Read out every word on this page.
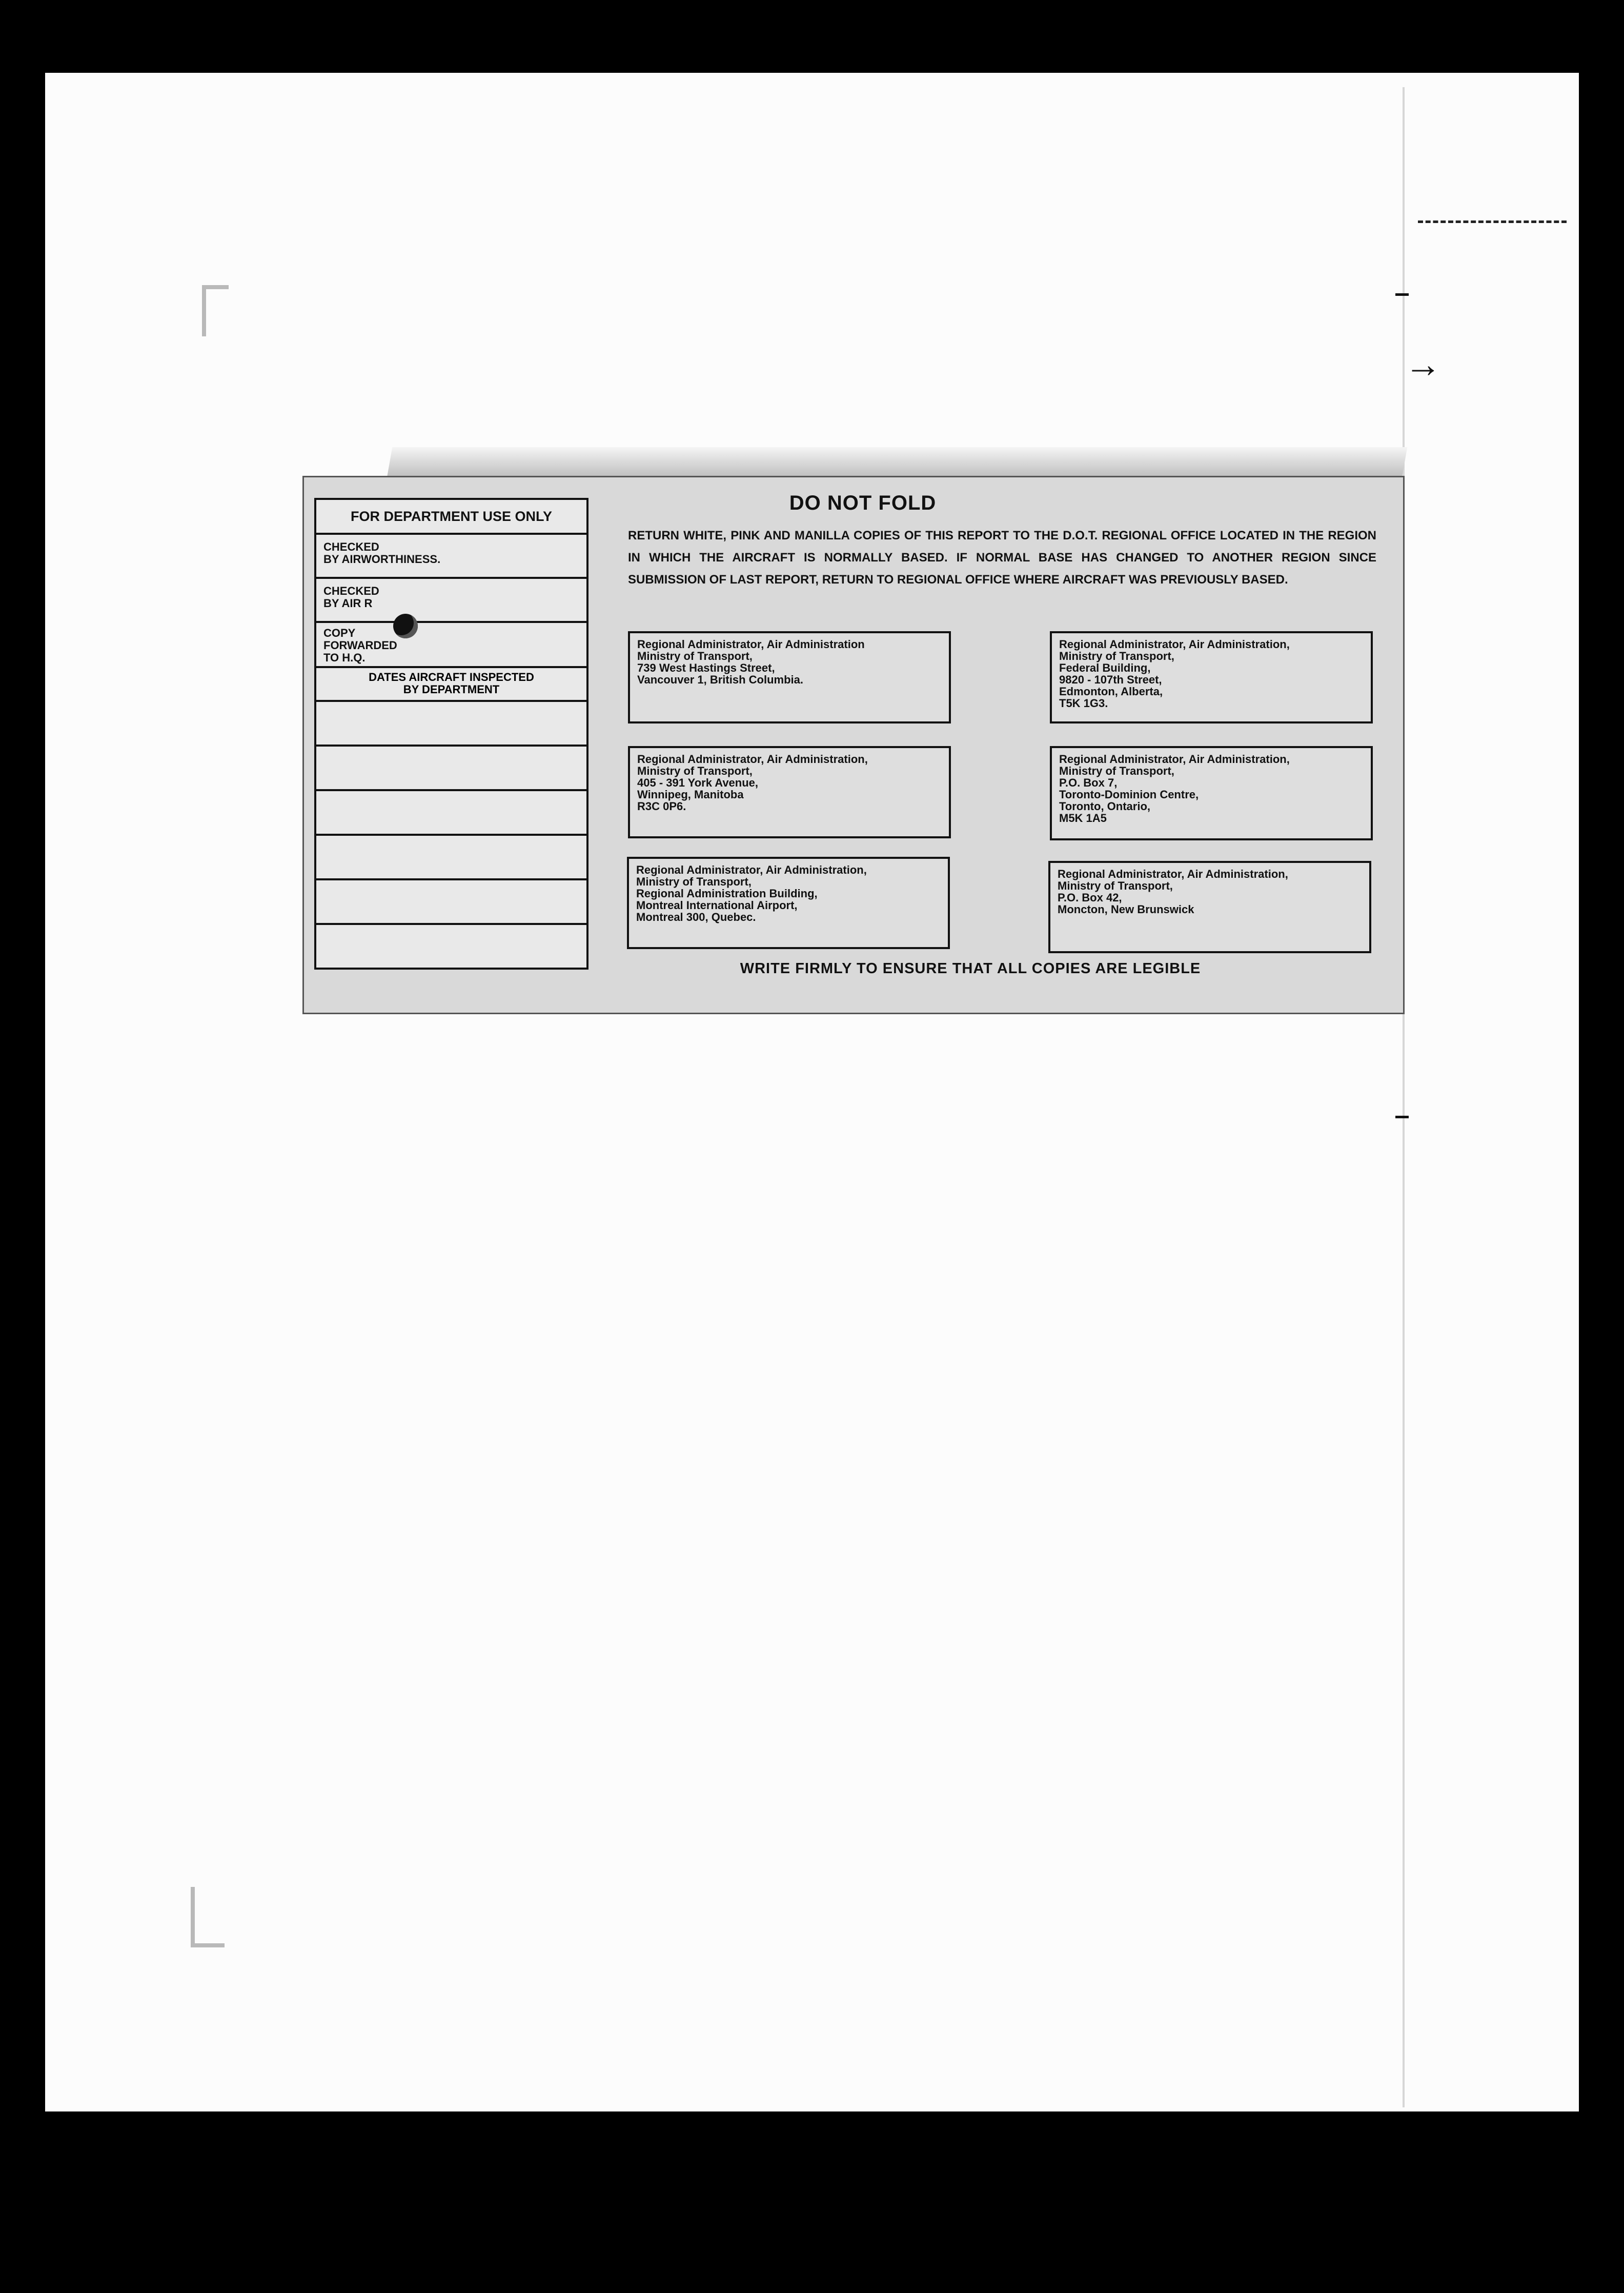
→
FOR DEPARTMENT USE ONLY
CHECKED
BY AIRWORTHINESS.
CHECKED
BY AIR R
COPY
FORWARDED
TO H.Q.
DATES AIRCRAFT INSPECTED
BY DEPARTMENT
DO NOT FOLD
RETURN WHITE, PINK AND MANILLA COPIES OF THIS REPORT TO THE D.O.T. REGIONAL OFFICE LOCATED IN THE REGION IN WHICH THE AIRCRAFT IS NORMALLY BASED. IF NORMAL BASE HAS CHANGED TO ANOTHER REGION SINCE SUBMISSION OF LAST REPORT, RETURN TO REGIONAL OFFICE WHERE AIRCRAFT WAS PREVIOUSLY BASED.
Regional Administrator, Air Administration
Ministry of Transport,
739 West Hastings Street,
Vancouver 1, British Columbia.
Regional Administrator, Air Administration,
Ministry of Transport,
Federal Building,
9820 - 107th Street,
Edmonton, Alberta,
T5K 1G3.
Regional Administrator, Air Administration,
Ministry of Transport,
405 - 391 York Avenue,
Winnipeg, Manitoba
R3C 0P6.
Regional Administrator, Air Administration,
Ministry of Transport,
P.O. Box 7,
Toronto-Dominion Centre,
Toronto, Ontario,
M5K 1A5
Regional Administrator, Air Administration,
Ministry of Transport,
Regional Administration Building,
Montreal International Airport,
Montreal 300, Quebec.
Regional Administrator, Air Administration,
Ministry of Transport,
P.O. Box 42,
Moncton, New Brunswick
WRITE FIRMLY TO ENSURE THAT ALL COPIES ARE LEGIBLE
